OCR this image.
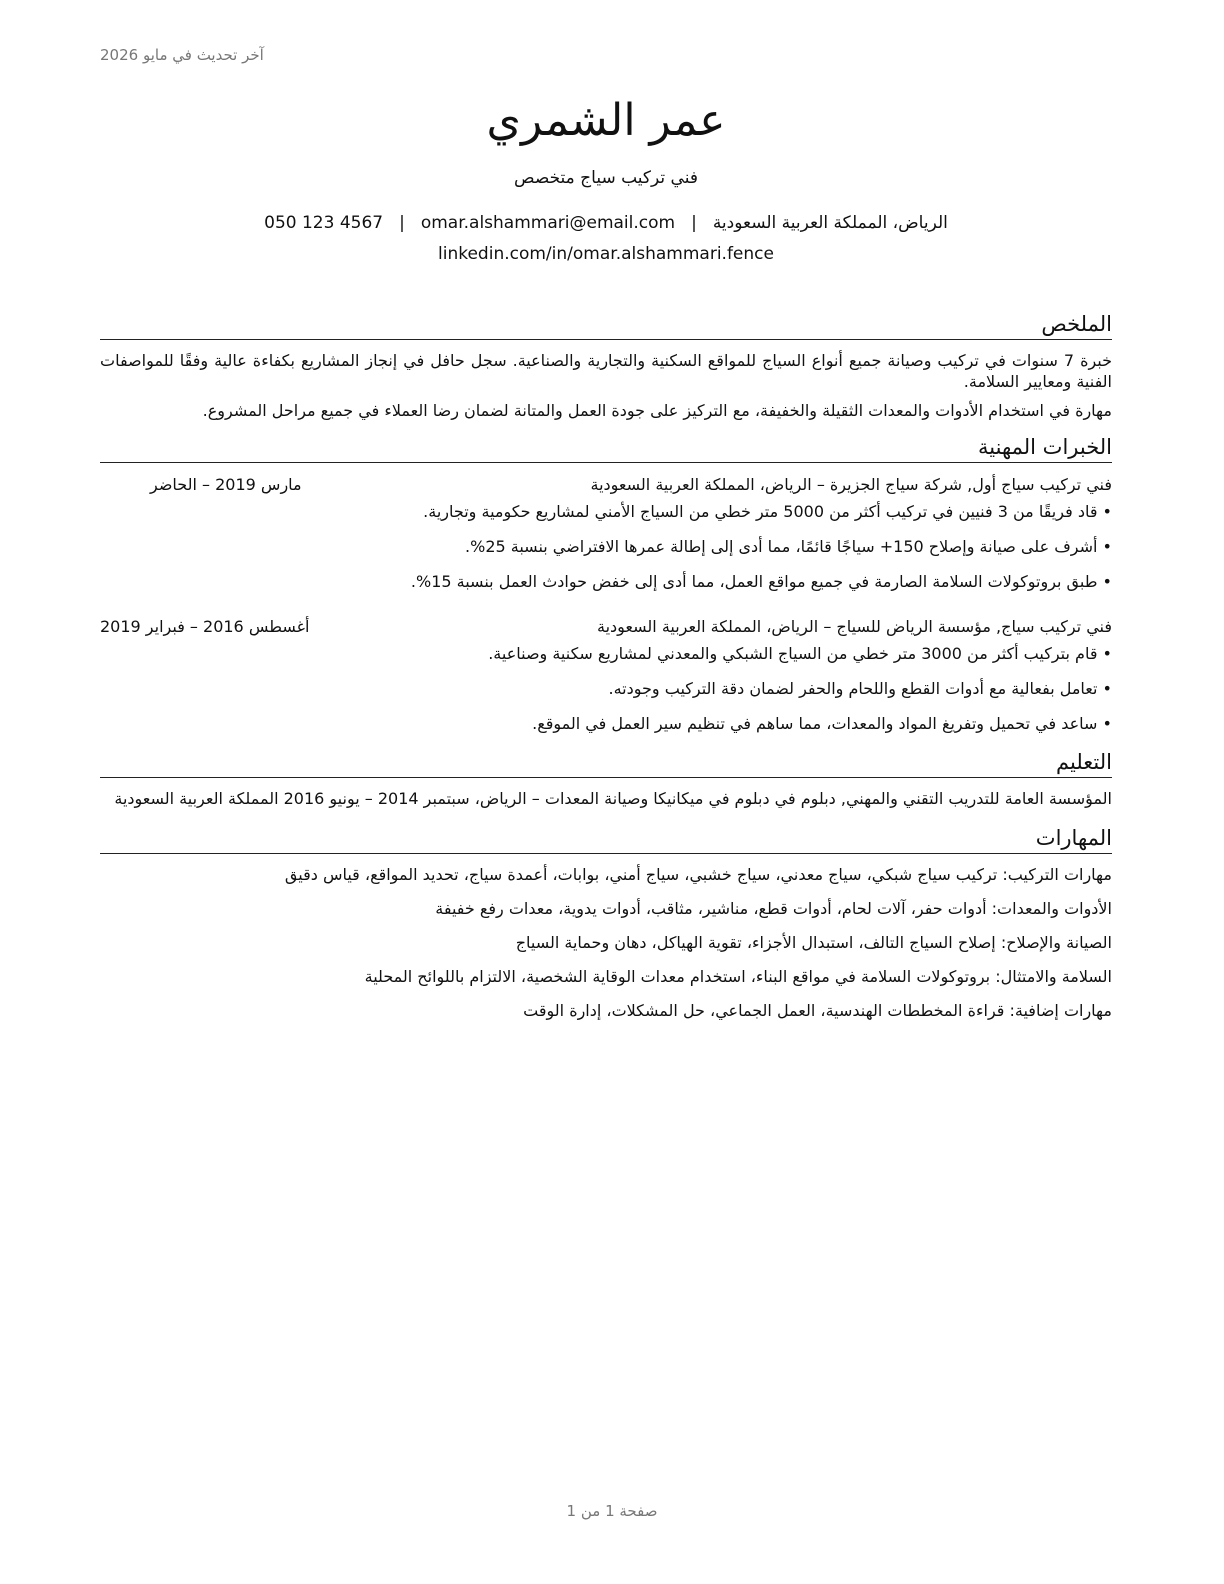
آخر تحديث في مايو 2026
عمر الشمري
فني تركيب سياج متخصص
الرياض، المملكة العربية السعودية|omar.alshammari@email.com|050 123 4567
linkedin.com/in/omar.alshammari.fence
الملخص

خبرة 7 سنوات في تركيب وصيانة جميع أنواع السياج للمواقع السكنية والتجارية والصناعية. سجل حافل في إنجاز المشاريع بكفاءة عالية وفقًا للمواصفات الفنية ومعايير السلامة.

مهارة في استخدام الأدوات والمعدات الثقيلة والخفيفة، مع التركيز على جودة العمل والمتانة لضمان رضا العملاء في جميع مراحل المشروع.

الخبرات المهنية
فني تركيب سياج أول, شركة سياج الجزيرة – الرياض، المملكة العربية السعودية
مارس 2019 – الحاضر
• قاد فريقًا من 3 فنيين في تركيب أكثر من 5000 متر خطي من السياج الأمني لمشاريع حكومية وتجارية.
• أشرف على صيانة وإصلاح 150+ سياجًا قائمًا، مما أدى إلى إطالة عمرها الافتراضي بنسبة 25%.
• طبق بروتوكولات السلامة الصارمة في جميع مواقع العمل، مما أدى إلى خفض حوادث العمل بنسبة 15%.
فني تركيب سياج, مؤسسة الرياض للسياج – الرياض، المملكة العربية السعودية
أغسطس 2016 – فبراير 2019
• قام بتركيب أكثر من 3000 متر خطي من السياج الشبكي والمعدني لمشاريع سكنية وصناعية.
• تعامل بفعالية مع أدوات القطع واللحام والحفر لضمان دقة التركيب وجودته.
• ساعد في تحميل وتفريغ المواد والمعدات، مما ساهم في تنظيم سير العمل في الموقع.
التعليم
المؤسسة العامة للتدريب التقني والمهني, دبلوم في دبلوم في ميكانيكا وصيانة المعدات – الرياض، سبتمبر 2014 – يونيو 2016 المملكة العربية السعودية
المهارات
مهارات التركيب: تركيب سياج شبكي، سياج معدني، سياج خشبي، سياج أمني، بوابات، أعمدة سياج، تحديد المواقع، قياس دقيق
الأدوات والمعدات: أدوات حفر، آلات لحام، أدوات قطع، مناشير، مثاقب، أدوات يدوية، معدات رفع خفيفة
الصيانة والإصلاح: إصلاح السياج التالف، استبدال الأجزاء، تقوية الهياكل، دهان وحماية السياج
السلامة والامتثال: بروتوكولات السلامة في مواقع البناء، استخدام معدات الوقاية الشخصية، الالتزام باللوائح المحلية
مهارات إضافية: قراءة المخططات الهندسية، العمل الجماعي، حل المشكلات، إدارة الوقت
صفحة 1 من 1
